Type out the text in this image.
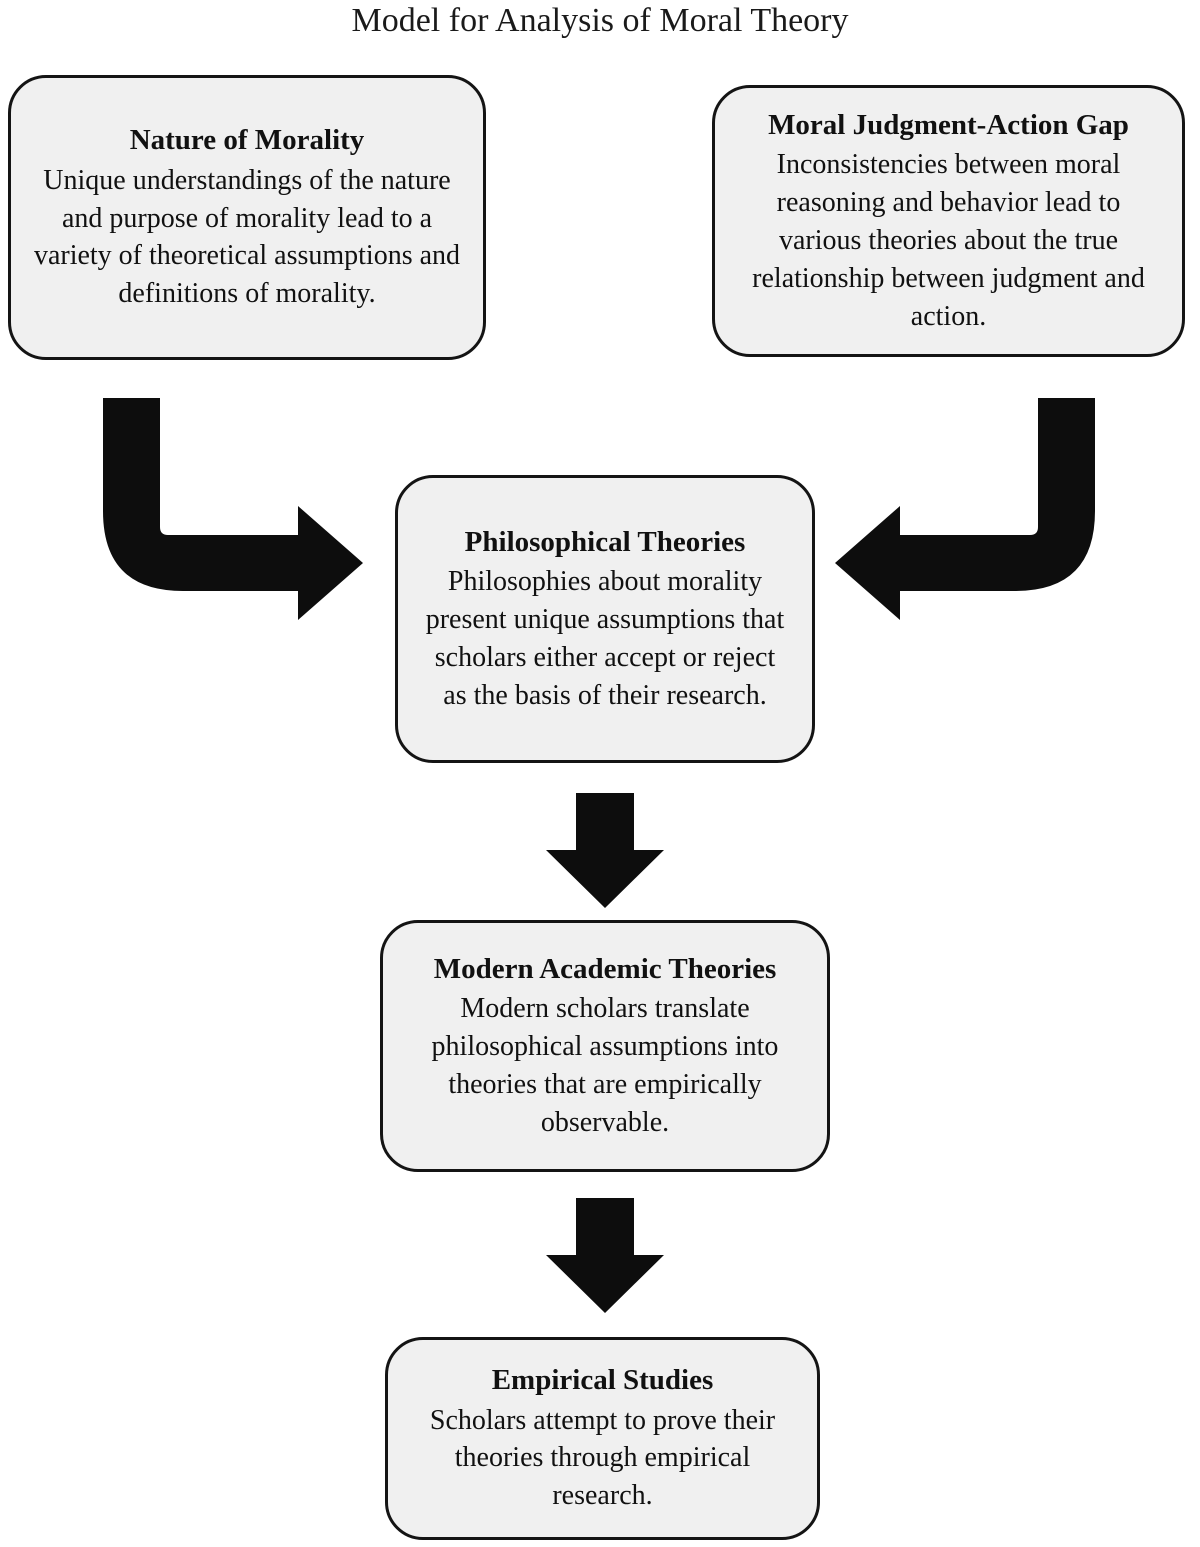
Model for Analysis of Moral Theory
Nature of Morality

Unique understandings of the nature and purpose of morality lead to a variety of theoretical assumptions and definitions of morality.

Moral Judgment-Action Gap

Inconsistencies between moral reasoning and behavior lead to various theories about the true relationship between judgment and action.

Philosophical Theories

Philosophies about morality present unique assumptions that scholars either accept or reject as the basis of their research.

Modern Academic Theories

Modern scholars translate philosophical assumptions into theories that are empirically observable.

Empirical Studies

Scholars attempt to prove their theories through empirical research.
